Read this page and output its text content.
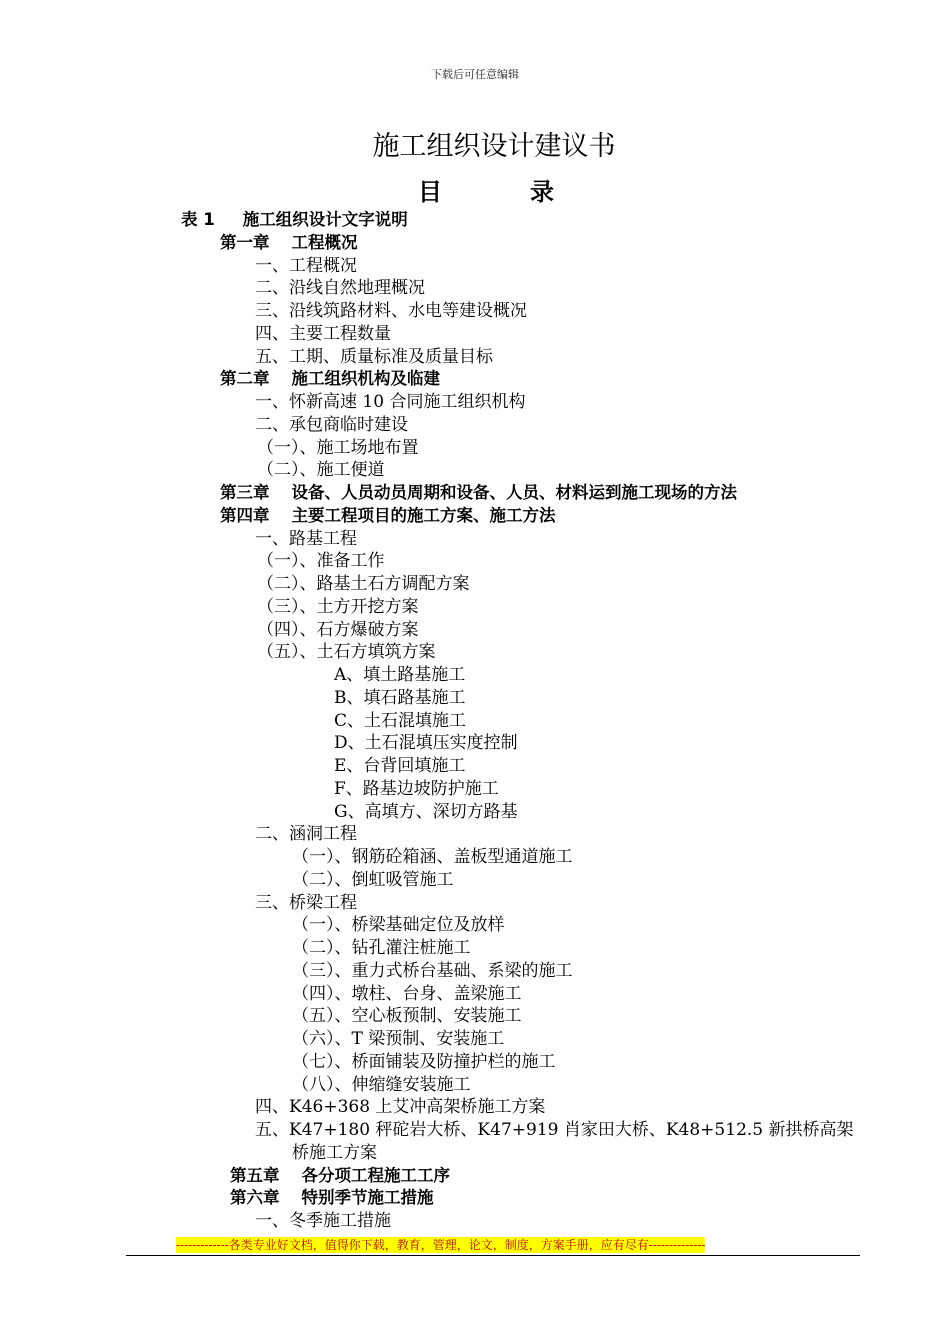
下载后可任意编辑
施工组织设计建议书
目	录
表 1 施工组织设计文字说明
第一章 工程概况
一、工程概况
二、沿线自然地理概况
三、沿线筑路材料、水电等建设概况
四、主要工程数量
五、工期、质量标准及质量目标
第二章 施工组织机构及临建
一、怀新高速 10 合同施工组织机构
二、承包商临时建设
（一）、施工场地布置
（二）、施工便道
第三章 设备、人员动员周期和设备、人员、材料运到施工现场的方法
第四章 主要工程项目的施工方案、施工方法
一、路基工程
（一）、准备工作
（二）、路基土石方调配方案
（三）、土方开挖方案
（四）、石方爆破方案
（五）、土石方填筑方案
A、填土路基施工
B、填石路基施工
C、土石混填施工
D、土石混填压实度控制
E、台背回填施工
F、路基边坡防护施工
G、高填方、深切方路基
二、涵洞工程
（一）、钢筋砼箱涵、盖板型通道施工
（二）、倒虹吸管施工
三、桥梁工程
（一）、桥梁基础定位及放样
（二）、钻孔灌注桩施工
（三）、重力式桥台基础、系梁的施工
（四）、墩柱、台身、盖梁施工
（五）、空心板预制、安装施工
（六）、T 梁预制、安装施工
（七）、桥面铺装及防撞护栏的施工
（八）、伸缩缝安装施工
四、K46+368 上艾冲高架桥施工方案
五、K47+180 秤砣岩大桥、K47+919 肖家田大桥、K48+512.5 新拱桥高架
桥施工方案
第五章 各分项工程施工工序
第六章 特别季节施工措施
一、冬季施工措施
-------------各类专业好文档，值得你下载，教育，管理，论文，制度，方案手册，应有尽有--------------
